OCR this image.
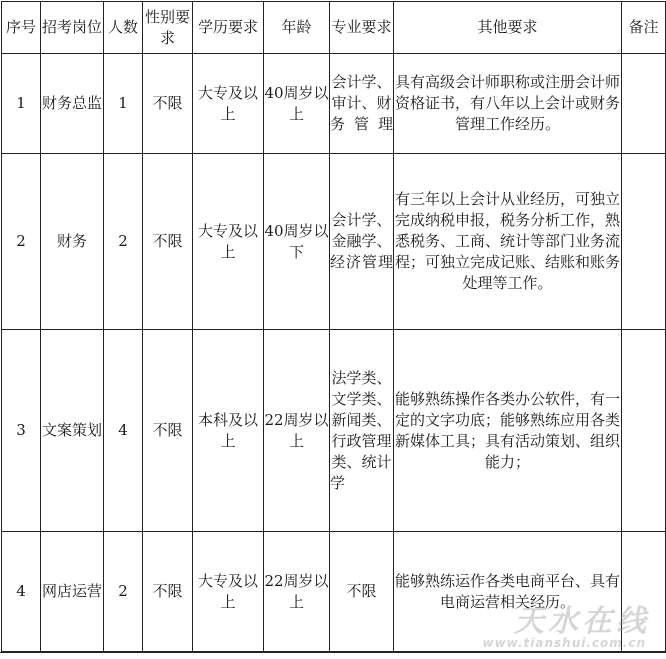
序号	招考岗位	人数	性别要求	学历要求	年龄	专业要求	其他要求	备注

1	财务总监	1	不限	大专及以上	40周岁以上	会计学、审计、财务管理	具有高级会计师职称或注册会计师资格证书，有八年以上会计或财务管理工作经历。	
2	财务	2	不限	大专及以上	40周岁以下	会计学、金融学、经济管理	有三年以上会计从业经历，可独立完成纳税申报，税务分析工作，熟悉税务、工商、统计等部门业务流程；可独立完成记账、结账和账务处理等工作。	
3	文案策划	4	不限	本科及以上	22周岁以上	法学类、文学类、新闻类、行政管理类、统计学	能够熟练操作各类办公软件，有一定的文字功底；能够熟练应用各类新媒体工具；具有活动策划、组织能力；	
4	网店运营	2	不限	大专及以上	22周岁以上	不限	能够熟练运作各类电商平台、具有电商运营相关经历。	
天水在线
www.tianshui.com.cn
